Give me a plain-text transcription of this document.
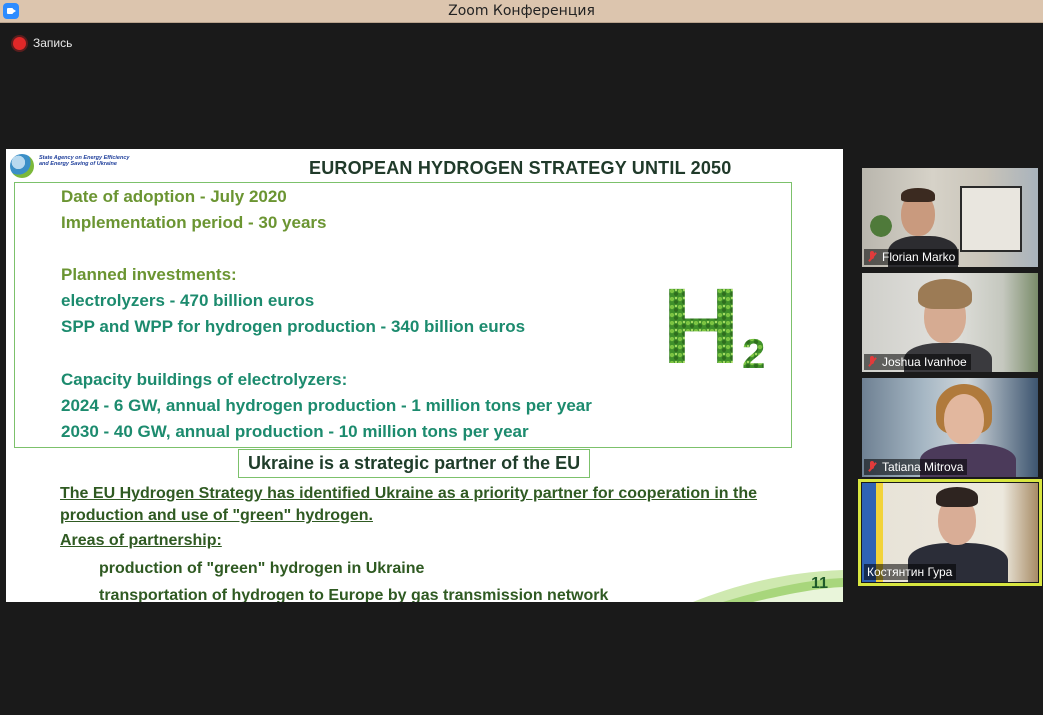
Zoom Конференция
Запись
State Agency on Energy Efficiency
and Energy Saving of Ukraine	EUROPEAN HYDROGEN STRATEGY UNTIL 2050
Date of adoption - July 2020
Implementation period - 30 years
Planned investments:
electrolyzers - 470 billion euros
SPP and WPP for hydrogen production - 340 billion euros
Capacity buildings of electrolyzers:
2024 - 6 GW, annual hydrogen production - 1 million tons per year
2030 - 40 GW, annual production - 10 million tons per year
H 2
Ukraine is a strategic partner of the EU
The EU Hydrogen Strategy has identified Ukraine as a priority partner for cooperation in the production and use of "green" hydrogen.
Areas of partnership:
production of "green" hydrogen in Ukraine
transportation of hydrogen to Europe by gas transmission network
11
Florian Marko
Joshua Ivanhoe
Tatiana Mitrova
Костянтин Гура
